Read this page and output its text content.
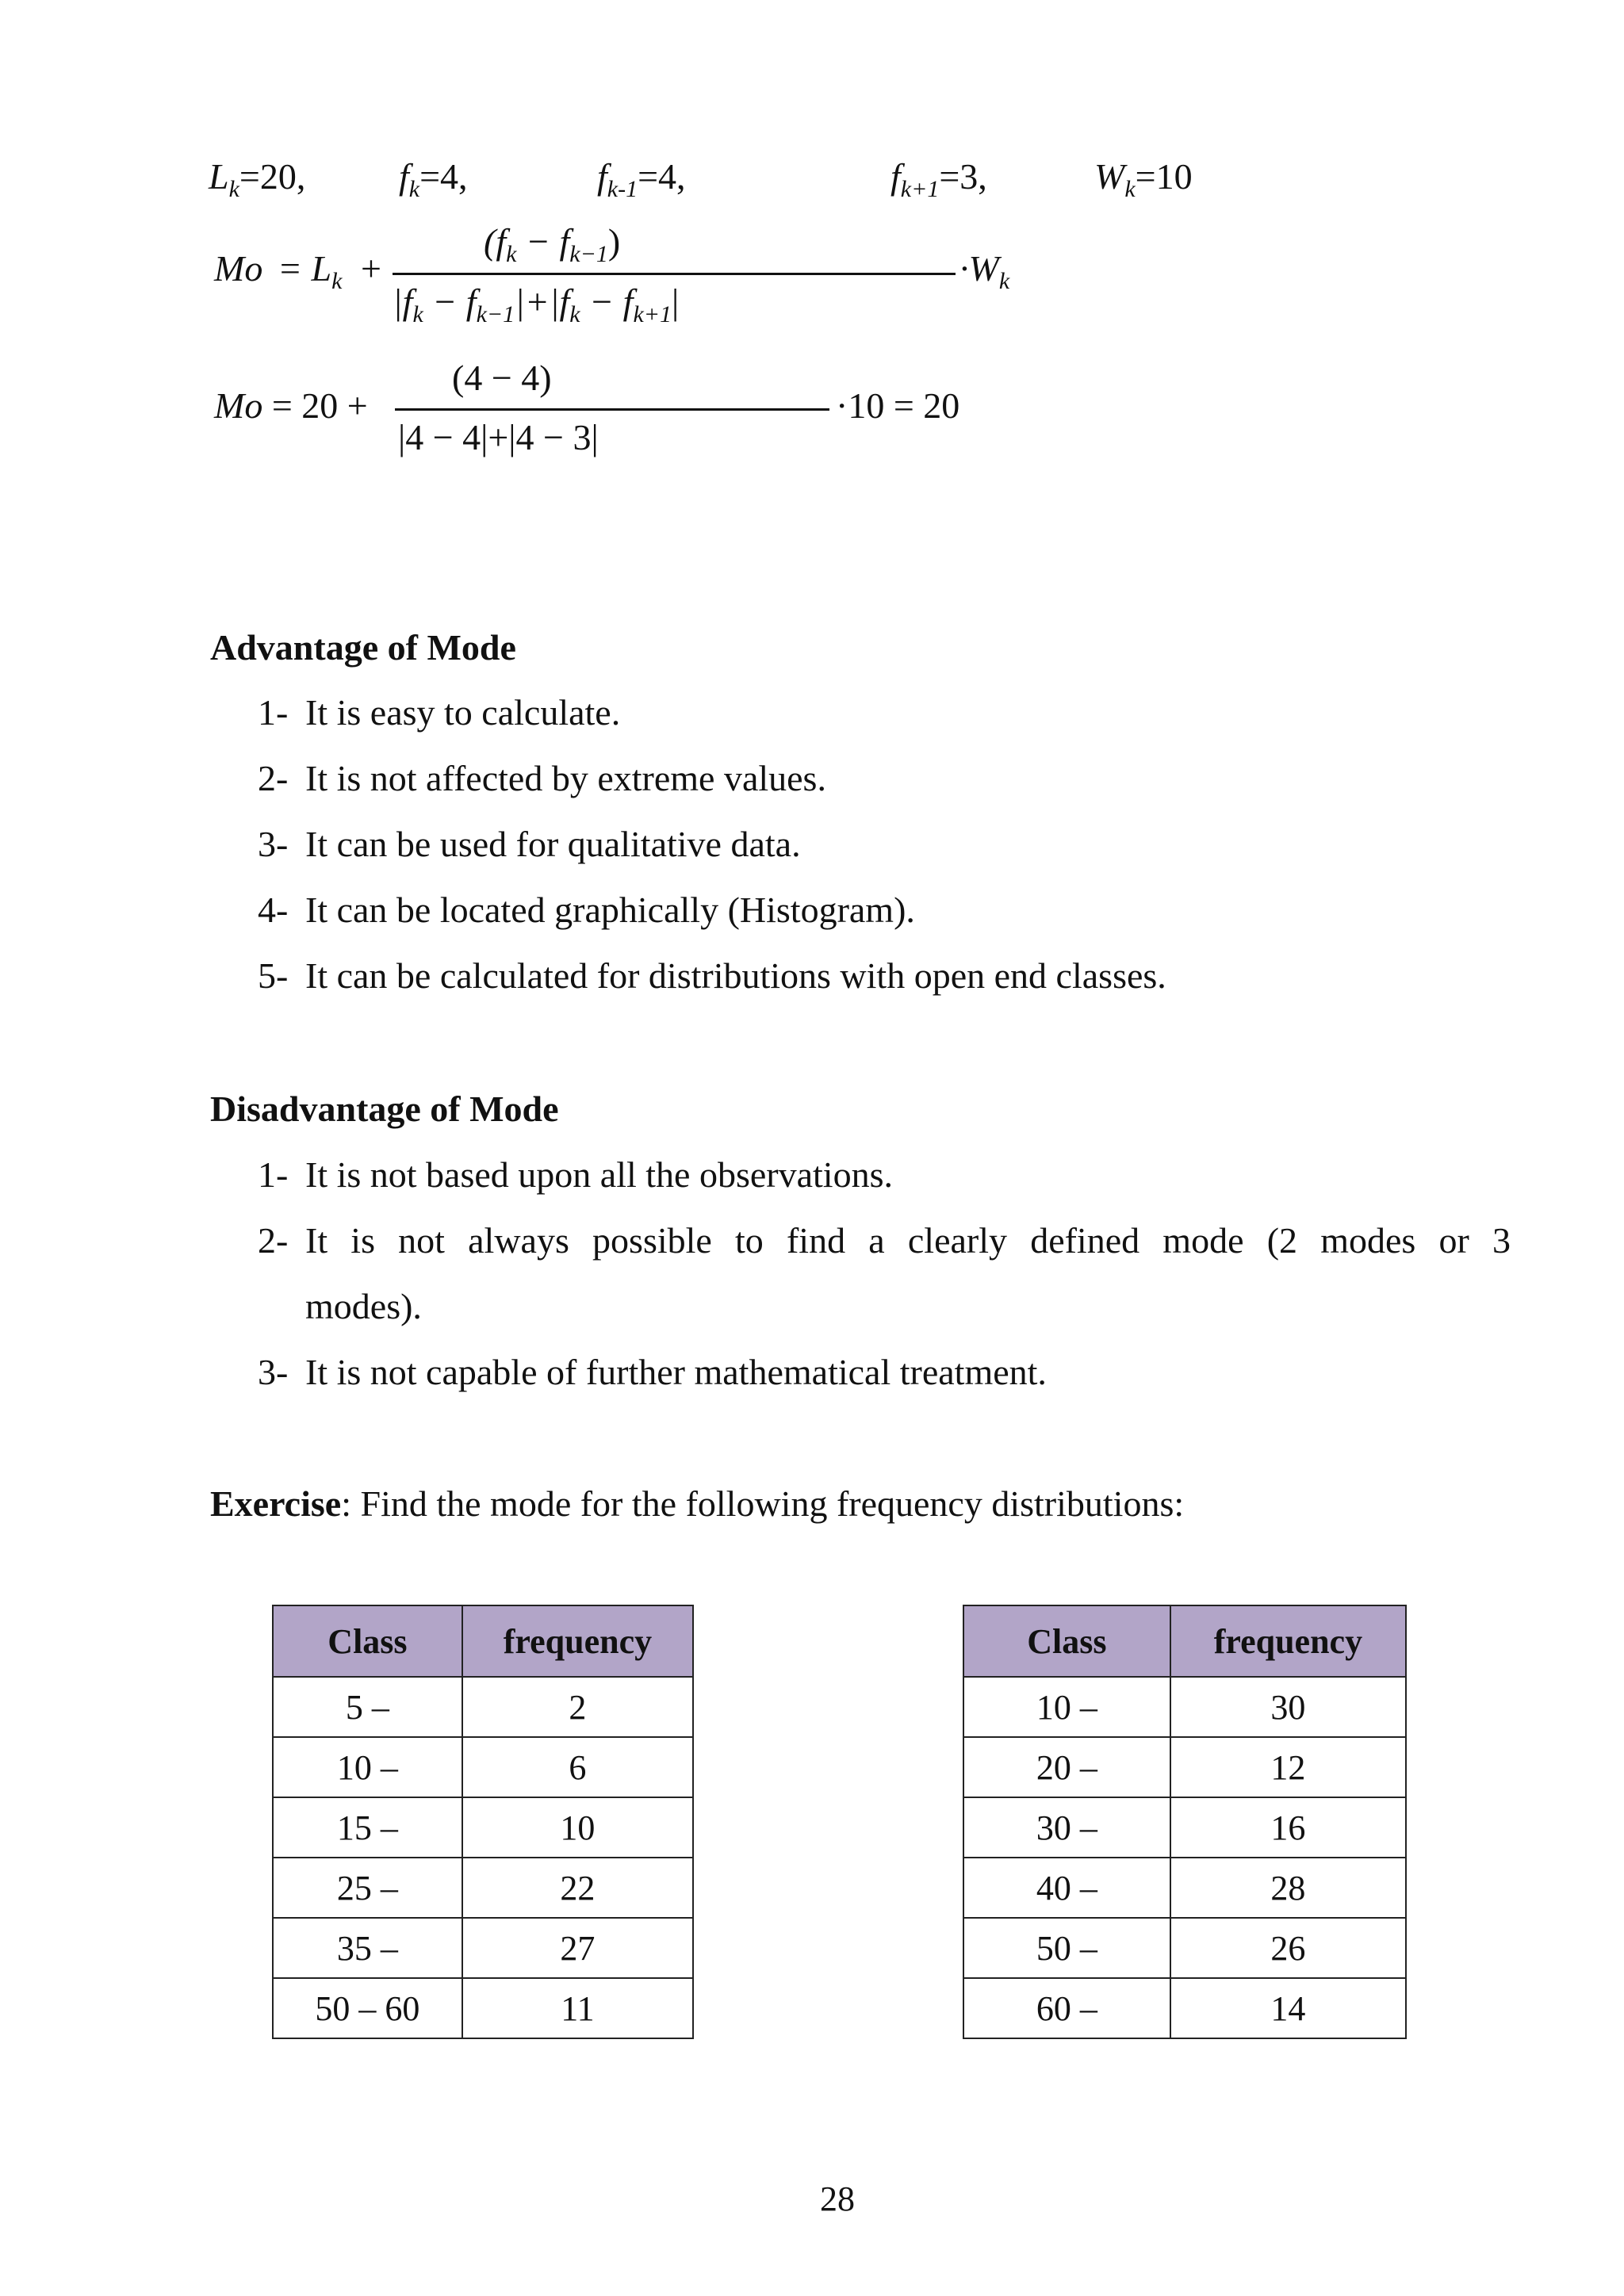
$L_k=20$,	$f_k=4$,	$f_{k-1}=4$,	$f_{k+1}=3$,	$W_k=10$
$Mo = L_k$ +
$(f_k - f_{k-1})$
$|f_k - f_{k-1}|+|f_k - f_{k+1}|$
$\cdot W_k$
Mo = 20 +
(4 − 4)
|4 − 4|+|4 − 3|
·10 = 20
Advantage of Mode
1- It is easy to calculate.
2- It is not affected by extreme values.
3- It can be used for qualitative data.
4- It can be located graphically (Histogram).
5- It can be calculated for distributions with open end classes.
Disadvantage of Mode
1- It is not based upon all the observations.
2- It is not always possible to find a clearly defined mode (2 modes or 3
modes).
3- It is not capable of further mathematical treatment.
Exercise: Find the mode for the following frequency distributions:
Class	frequency
5 –	2
10 –	6
15 –	10
25 –	22
35 –	27
50 – 60	11
Class	frequency
10 –	30
20 –	12
30 –	16
40 –	28
50 –	26
60 –	14
28
